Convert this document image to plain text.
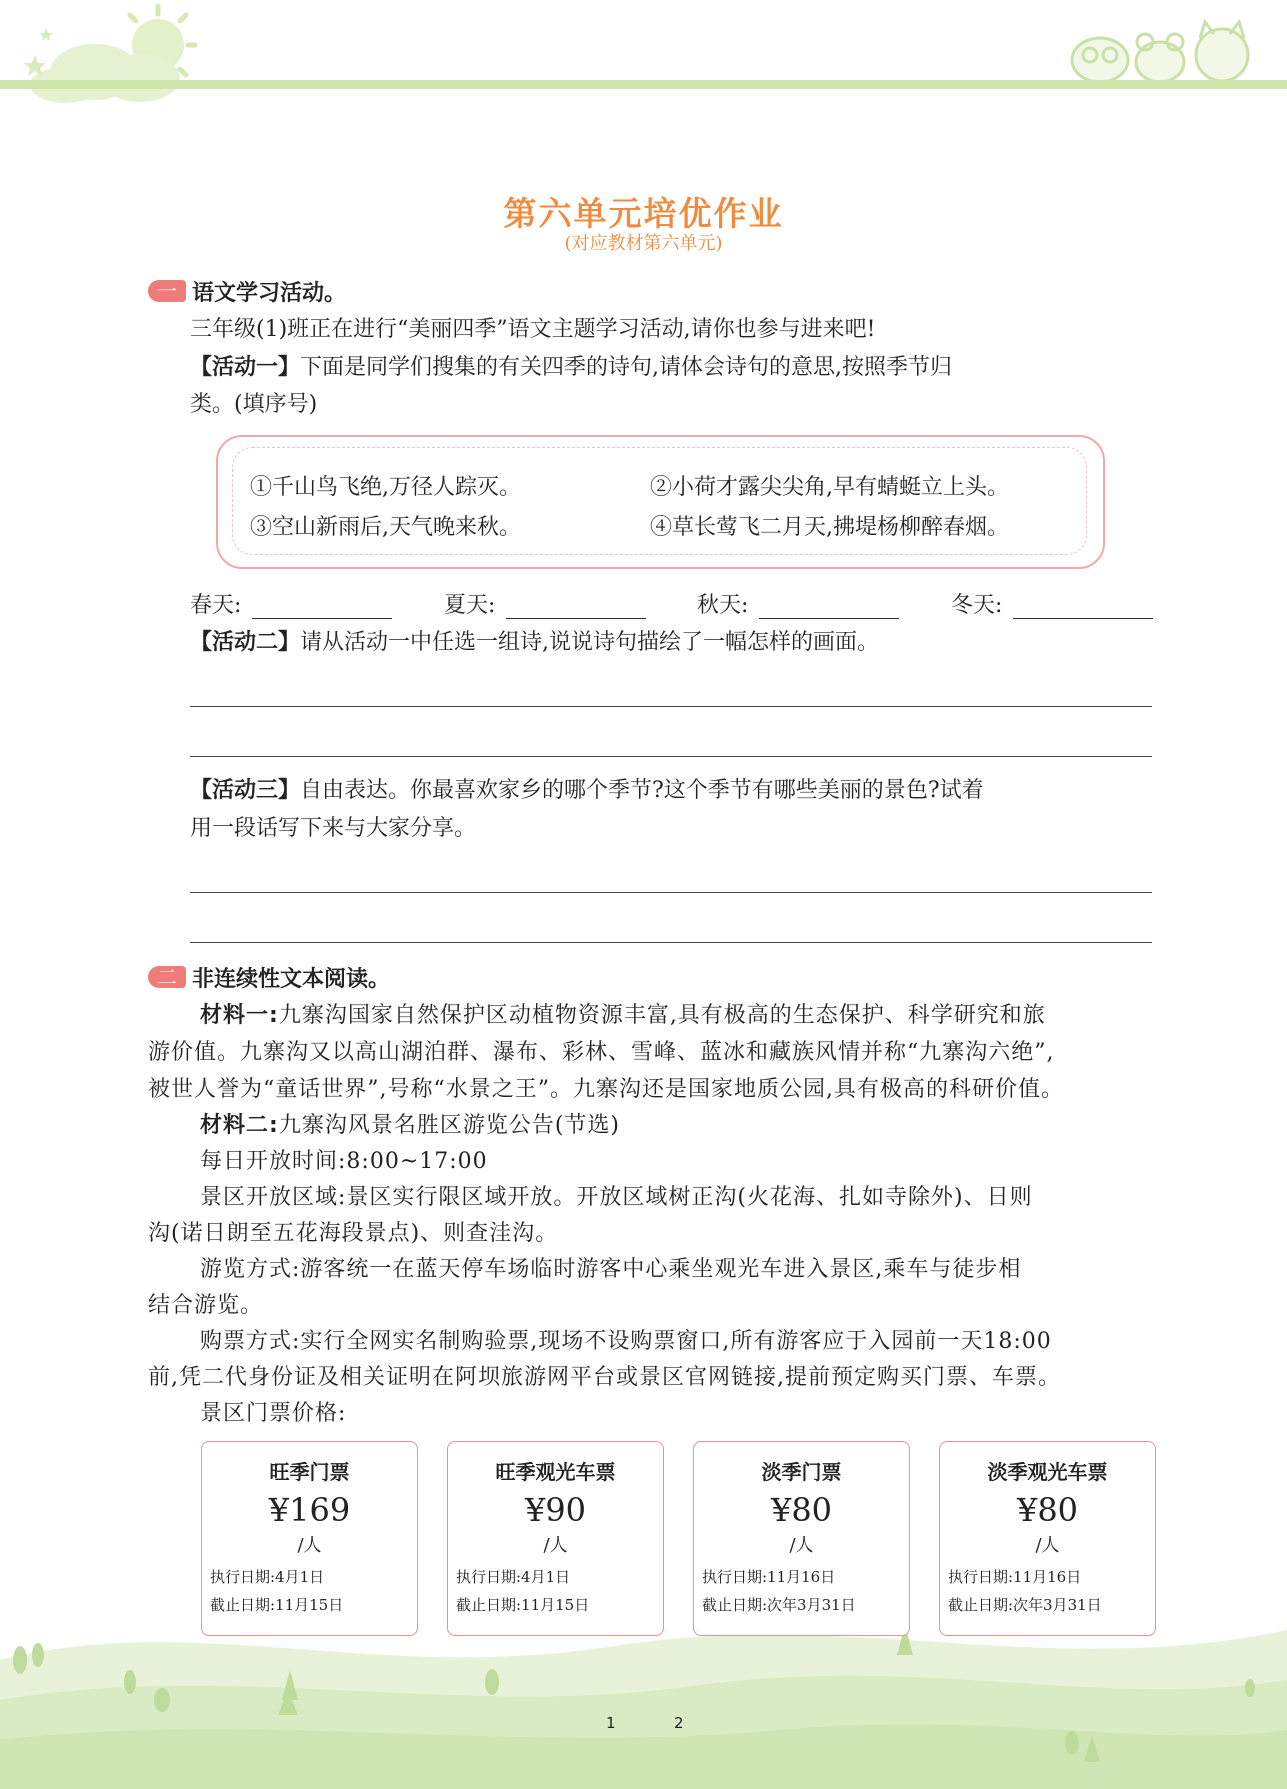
第六单元培优作业
(对应教材第六单元)
一 语文学习活动。
三年级(1)班正在进行“美丽四季”语文主题学习活动,请你也参与进来吧!
【活动一】下面是同学们搜集的有关四季的诗句,请体会诗句的意思,按照季节归
类。(填序号)
①千山鸟飞绝,万径人踪灭。	②小荷才露尖尖角,早有蜻蜓立上头。
③空山新雨后,天气晚来秋。	④草长莺飞二月天,拂堤杨柳醉春烟。
春天:	夏天:	秋天:	冬天:
【活动二】请从活动一中任选一组诗,说说诗句描绘了一幅怎样的画面。
【活动三】自由表达。你最喜欢家乡的哪个季节?这个季节有哪些美丽的景色?试着
用一段话写下来与大家分享。
二 非连续性文本阅读。
材料一:九寨沟国家自然保护区动植物资源丰富,具有极高的生态保护、科学研究和旅
游价值。九寨沟又以高山湖泊群、瀑布、彩林、雪峰、蓝冰和藏族风情并称“九寨沟六绝”,
被世人誉为“童话世界”,号称“水景之王”。九寨沟还是国家地质公园,具有极高的科研价值。
材料二:九寨沟风景名胜区游览公告(节选)
每日开放时间:8:00~17:00
景区开放区域:景区实行限区域开放。开放区域树正沟(火花海、扎如寺除外)、日则
沟(诺日朗至五花海段景点)、则查洼沟。
游览方式:游客统一在蓝天停车场临时游客中心乘坐观光车进入景区,乘车与徒步相
结合游览。
购票方式:实行全网实名制购验票,现场不设购票窗口,所有游客应于入园前一天18:00
前,凭二代身份证及相关证明在阿坝旅游网平台或景区官网链接,提前预定购买门票、车票。
景区门票价格:
旺季门票
¥169
/人
执行日期:4月1日
截止日期:11月15日
旺季观光车票
¥90
/人
执行日期:4月1日
截止日期:11月15日
淡季门票
¥80
/人
执行日期:11月16日
截止日期:次年3月31日
淡季观光车票
¥80
/人
执行日期:11月16日
截止日期:次年3月31日
1	2
